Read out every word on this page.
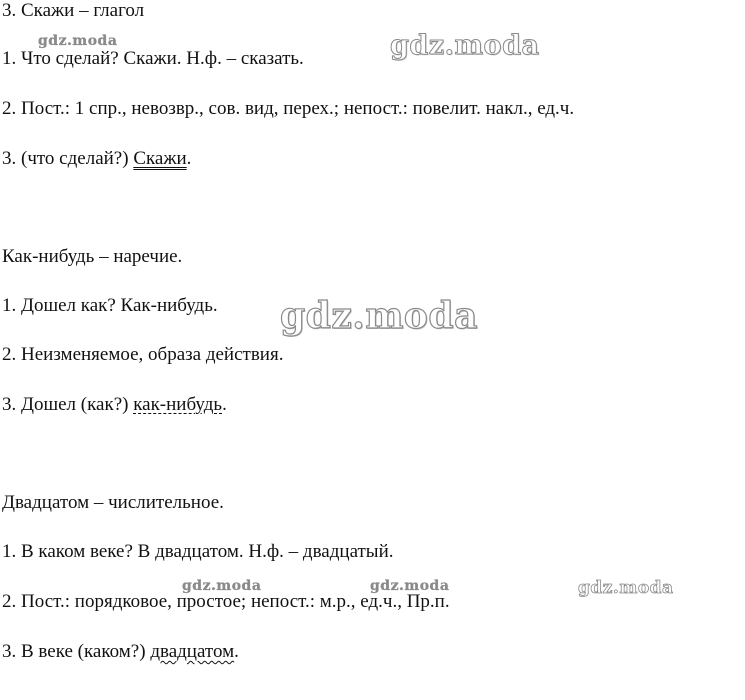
3. Скажи – глагол
1. Что сделай? Скажи. Н.ф. – сказать.
2. Пост.: 1 спр., невозвр., сов. вид, перех.; непост.: повелит. накл., ед.ч.
3. (что сделай?) Скажи.
Как-нибудь – наречие.
1. Дошел как? Как-нибудь.
2. Неизменяемое, образа действия.
3. Дошел (как?) как-нибудь.
Двадцатом – числительное.
1. В каком веке? В двадцатом. Н.ф. – двадцатый.
2. Пост.: порядковое, простое; непост.: м.р., ед.ч., Пр.п.
3. В веке (каком?) двадцатом.
gdz.moda	gdz.moda
gdz.moda
gdz.moda	gdz.moda	gdz.moda
